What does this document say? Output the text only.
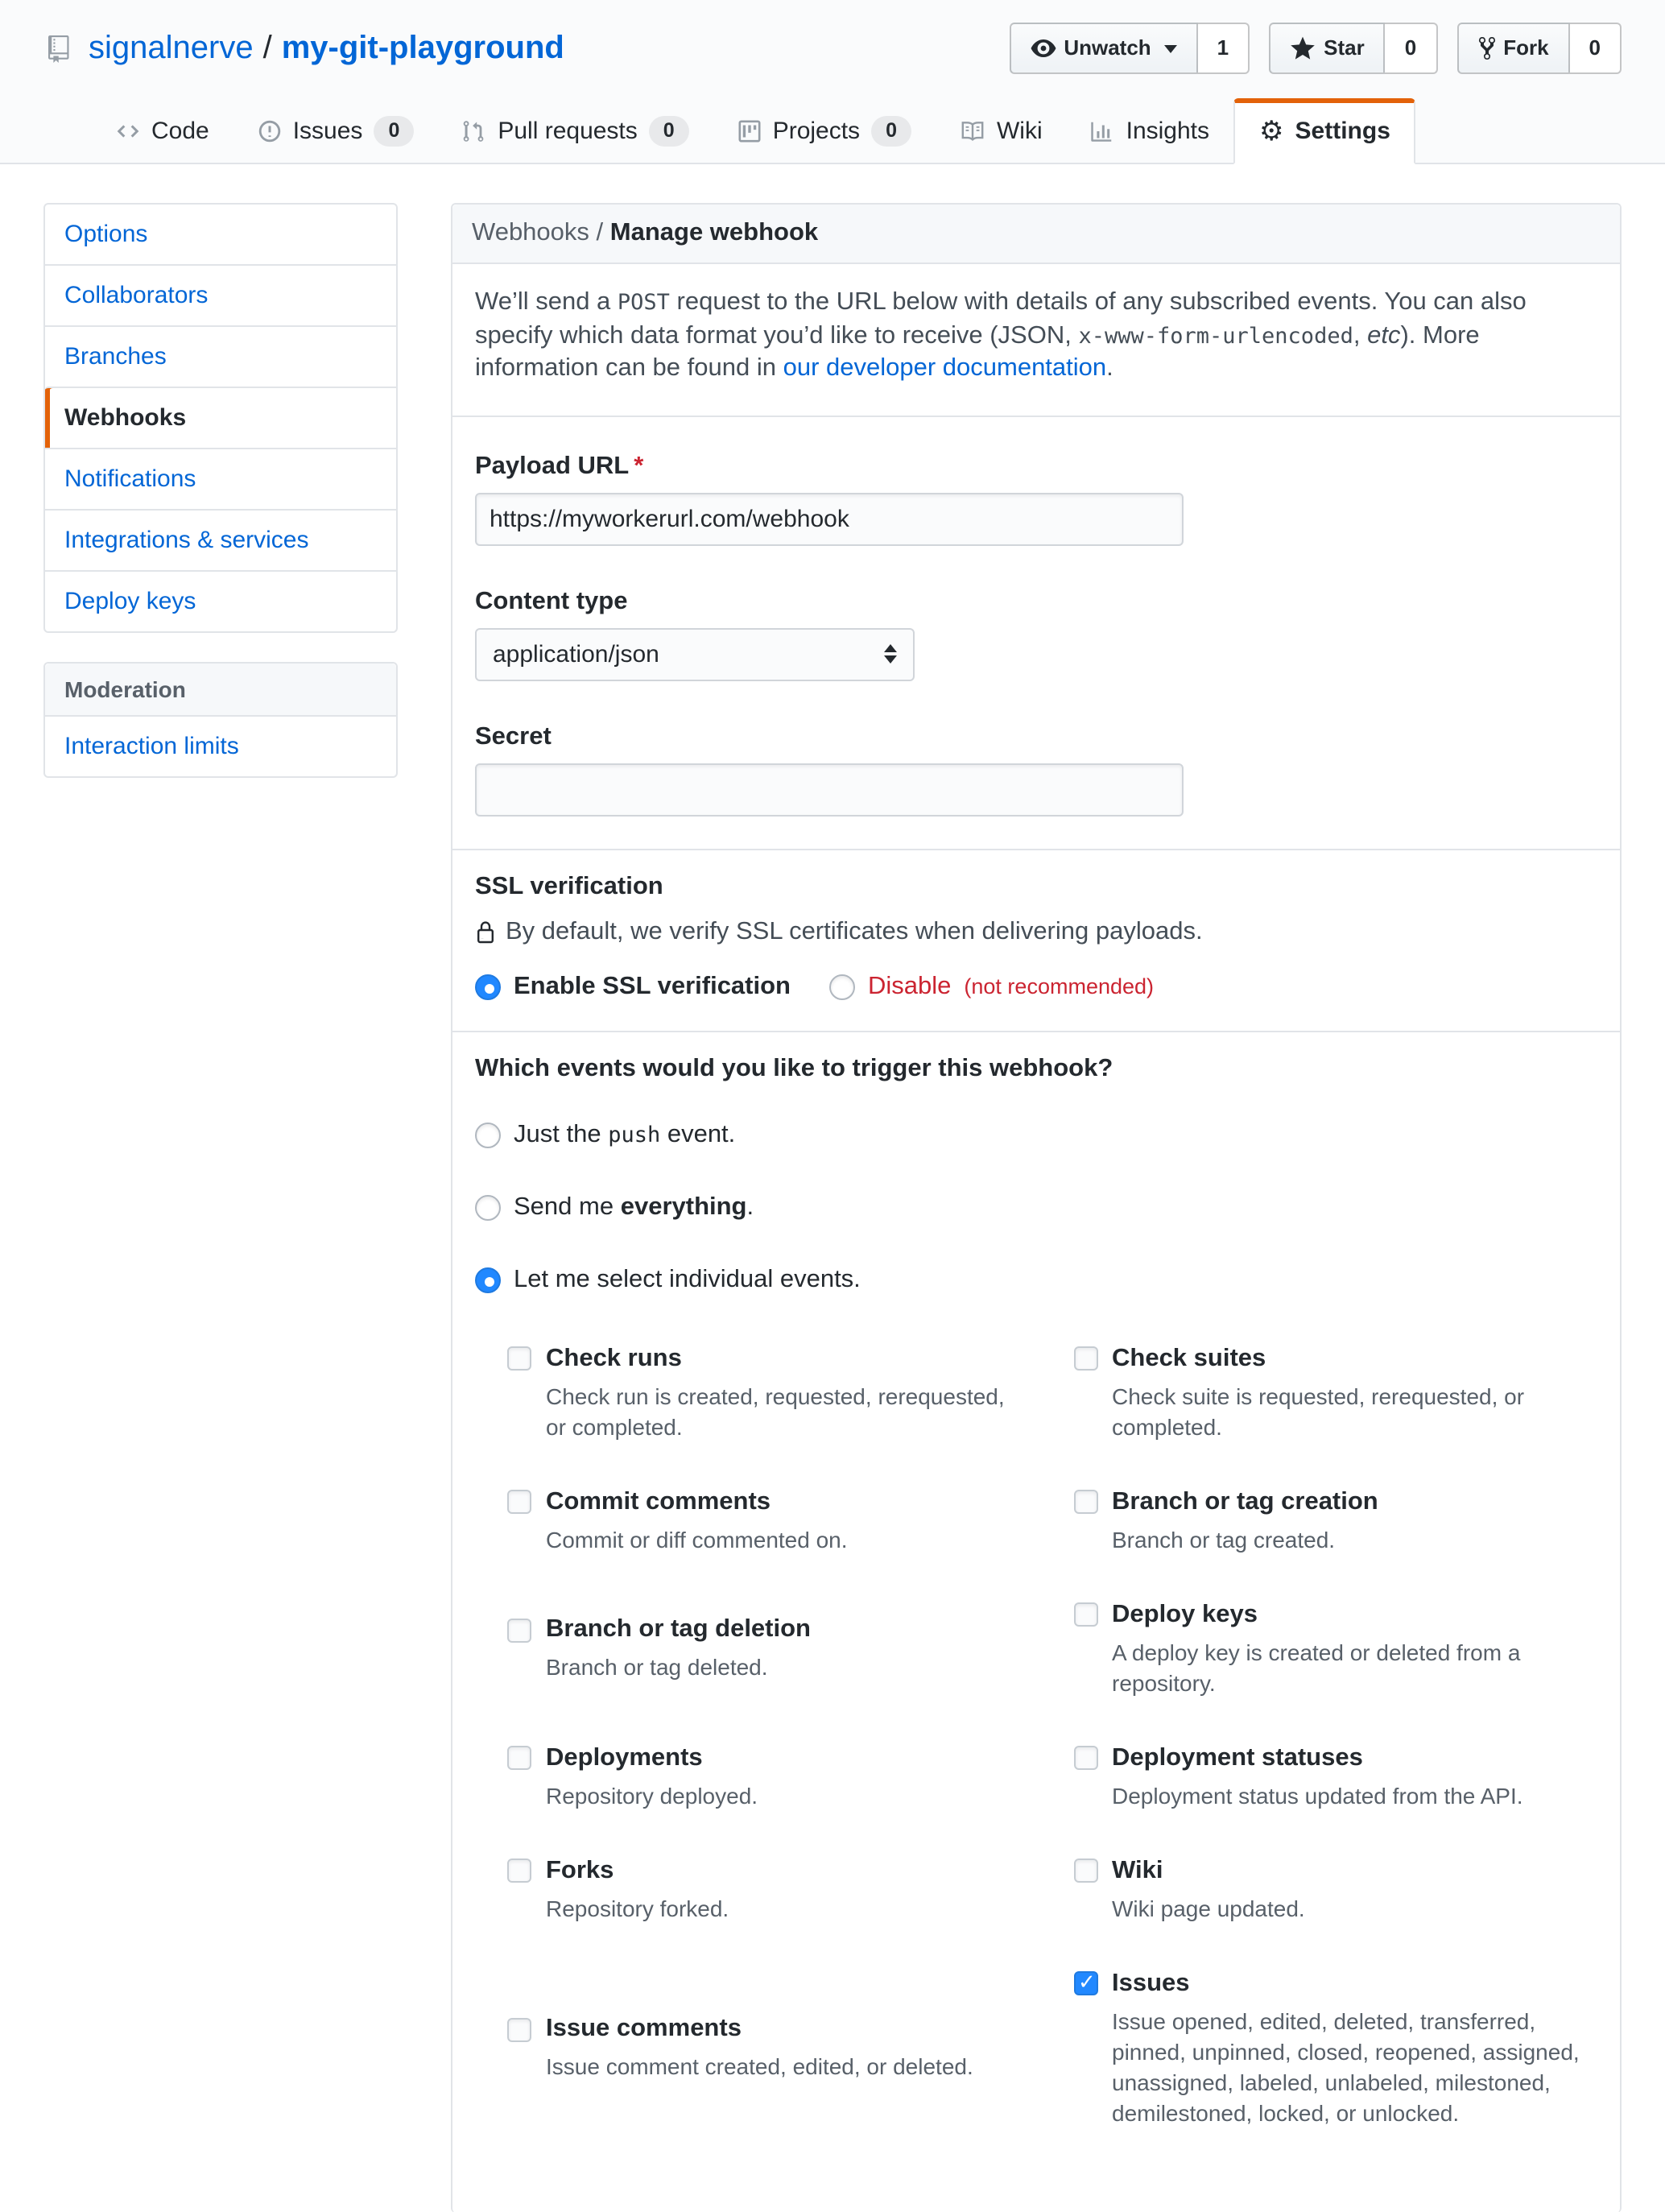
signalnerve / my-git-playground	Unwatch	1	Star	0	Fork	0
Code	Issues	0	Pull requests	0	Projects	0	Wiki	Insights	⚙ Settings
Options
Collaborators
Branches
Webhooks
Notifications
Integrations & services
Deploy keys
Moderation
Interaction limits
Webhooks / Manage webhook

We’ll send a POST request to the URL below with details of any subscribed events. You can also specify which data format you’d like to receive (JSON, x-www-form-urlencoded, etc). More information can be found in our developer documentation.

Payload URL *
https://myworkerurl.com/webhook
Content type
application/json
Secret
SSL verification
By default, we verify SSL certificates when delivering payloads.
Enable SSL verification	Disable (not recommended)
Which events would you like to trigger this webhook?
Just the push event.
Send me everything.
Let me select individual events.
Check runs
Check run is created, requested, rerequested, or completed.
Check suites
Check suite is requested, rerequested, or completed.
Commit comments
Commit or diff commented on.
Branch or tag creation
Branch or tag created.
Branch or tag deletion
Branch or tag deleted.
Deploy keys
A deploy key is created or deleted from a repository.
Deployments
Repository deployed.
Deployment statuses
Deployment status updated from the API.
Forks
Repository forked.
Wiki
Wiki page updated.
Issue comments
Issue comment created, edited, or deleted.
✓
Issues
Issue opened, edited, deleted, transferred, pinned, unpinned, closed, reopened, assigned, unassigned, labeled, unlabeled, milestoned, demilestoned, locked, or unlocked.
